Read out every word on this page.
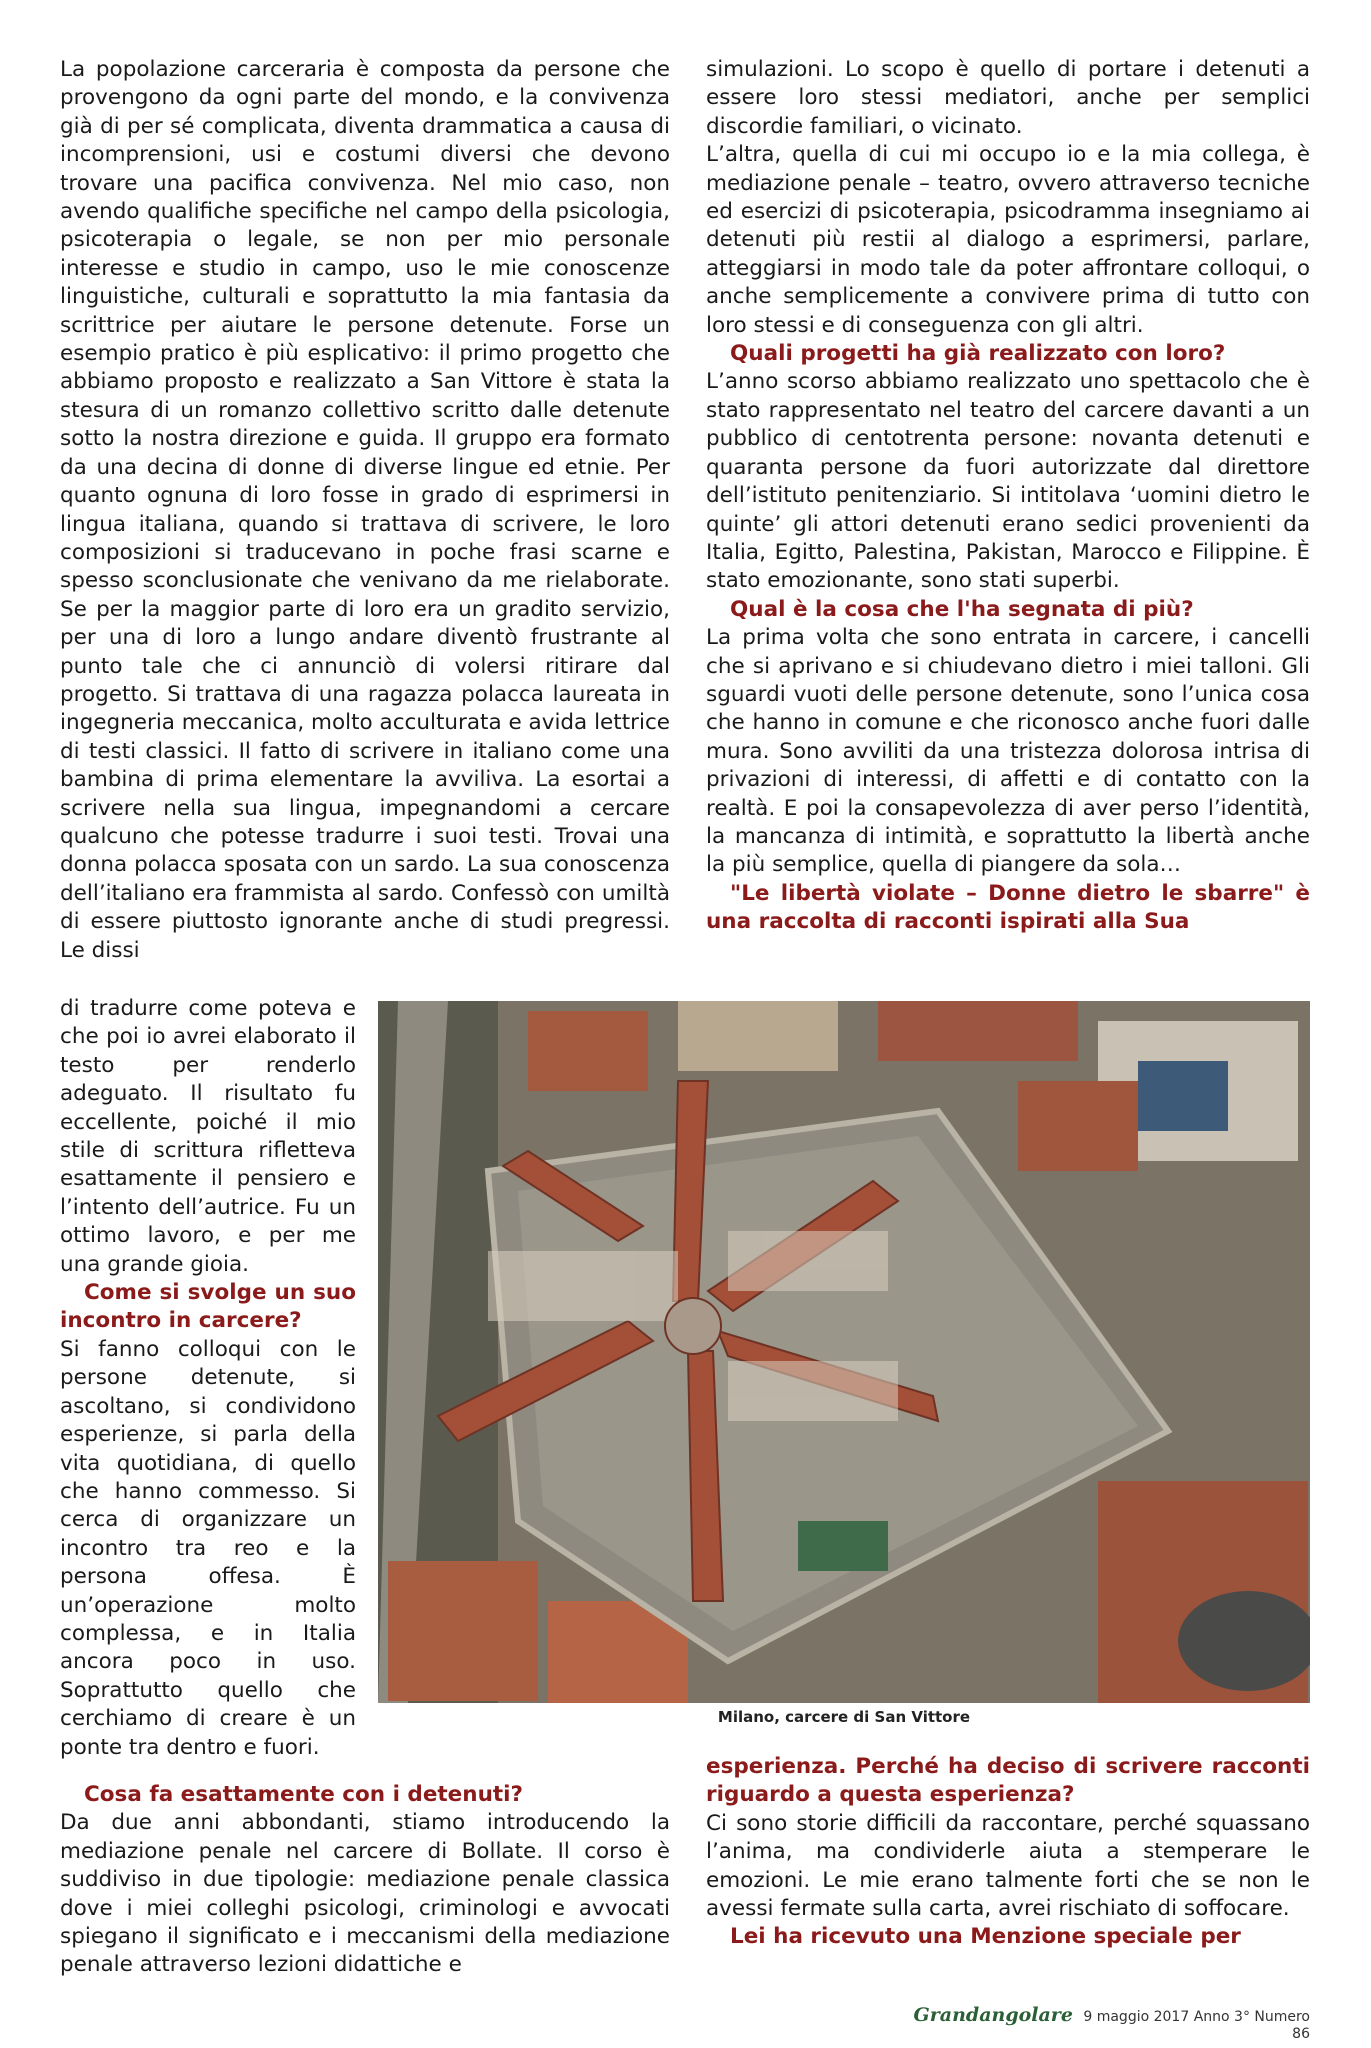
La popolazione carceraria è composta da persone che provengono da ogni parte del mondo, e la convivenza già di per sé complicata, diventa drammatica a causa di incomprensioni, usi e costumi diversi che devono trovare una pacifica convivenza. Nel mio caso, non avendo qualifiche specifiche nel campo della psicologia, psicoterapia o legale, se non per mio personale interesse e studio in campo, uso le mie conoscenze linguistiche, culturali e soprattutto la mia fantasia da scrittrice per aiutare le persone detenute. Forse un esempio pratico è più esplicativo: il primo progetto che abbiamo proposto e realizzato a San Vittore è stata la stesura di un romanzo collettivo scritto dalle detenute sotto la nostra direzione e guida. Il gruppo era formato da una decina di donne di diverse lingue ed etnie. Per quanto ognuna di loro fosse in grado di esprimersi in lingua italiana, quando si trattava di scrivere, le loro composizioni si traducevano in poche frasi scarne e spesso sconclusionate che venivano da me rielaborate. Se per la maggior parte di loro era un gradito servizio, per una di loro a lungo andare diventò frustrante al punto tale che ci annunciò di volersi ritirare dal progetto. Si trattava di una ragazza polacca laureata in ingegneria meccanica, molto acculturata e avida lettrice di testi classici. Il fatto di scrivere in italiano come una bambina di prima elementare la avviliva. La esortai a scrivere nella sua lingua, impegnandomi a cercare qualcuno che potesse tradurre i suoi testi. Trovai una donna polacca sposata con un sardo. La sua conoscenza dell’italiano era frammista al sardo. Confessò con umiltà di essere piuttosto ignorante anche di studi pregressi. Le dissi

di tradurre come poteva e che poi io avrei elaborato il testo per renderlo adeguato. Il risultato fu eccellente, poiché il mio stile di scrittura rifletteva esattamente il pensiero e l’intento dell’autrice. Fu un ottimo lavoro, e per me una grande gioia.

Come si svolge un suo incontro in carcere?

Si fanno colloqui con le persone detenute, si ascoltano, si condividono esperienze, si parla della vita quotidiana, di quello che hanno commesso. Si cerca di organizzare un incontro tra reo e la persona offesa. È un’operazione molto complessa, e in Italia ancora poco in uso. Soprattutto quello che cerchiamo di creare è un ponte tra dentro e fuori.

Cosa fa esattamente con i detenuti?

Da due anni abbondanti, stiamo introducendo la mediazione penale nel carcere di Bollate. Il corso è suddiviso in due tipologie: mediazione penale classica dove i miei colleghi psicologi, criminologi e avvocati spiegano il significato e i meccanismi della mediazione penale attraverso lezioni didattiche e

simulazioni. Lo scopo è quello di portare i detenuti a essere loro stessi mediatori, anche per semplici discordie familiari, o vicinato.

L’altra, quella di cui mi occupo io e la mia collega, è mediazione penale – teatro, ovvero attraverso tecniche ed esercizi di psicoterapia, psicodramma insegniamo ai detenuti più restii al dialogo a esprimersi, parlare, atteggiarsi in modo tale da poter affrontare colloqui, o anche semplicemente a convivere prima di tutto con loro stessi e di conseguenza con gli altri.

Quali progetti ha già realizzato con loro?

L’anno scorso abbiamo realizzato uno spettacolo che è stato rappresentato nel teatro del carcere davanti a un pubblico di centotrenta persone: novanta detenuti e quaranta persone da fuori autorizzate dal direttore dell’istituto penitenziario. Si intitolava ‘uomini dietro le quinte’ gli attori detenuti erano sedici provenienti da Italia, Egitto, Palestina, Pakistan, Marocco e Filippine. È stato emozionante, sono stati superbi.

Qual è la cosa che l'ha segnata di più?

La prima volta che sono entrata in carcere, i cancelli che si aprivano e si chiudevano dietro i miei talloni. Gli sguardi vuoti delle persone detenute, sono l’unica cosa che hanno in comune e che riconosco anche fuori dalle mura. Sono avviliti da una tristezza dolorosa intrisa di privazioni di interessi, di affetti e di contatto con la realtà. E poi la consapevolezza di aver perso l’identità, la mancanza di intimità, e soprattutto la libertà anche la più semplice, quella di piangere da sola…

"Le libertà violate – Donne dietro le sbarre" è una raccolta di racconti ispirati alla Sua

Milano, carcere di San Vittore

esperienza. Perché ha deciso di scrivere racconti riguardo a questa esperienza?

Ci sono storie difficili da raccontare, perché squassano l’anima, ma condividerle aiuta a stemperare le emozioni. Le mie erano talmente forti che se non le avessi fermate sulla carta, avrei rischiato di soffocare.

Lei ha ricevuto una Menzione speciale per

Grandangolare 9 maggio 2017 Anno 3° Numero 86
